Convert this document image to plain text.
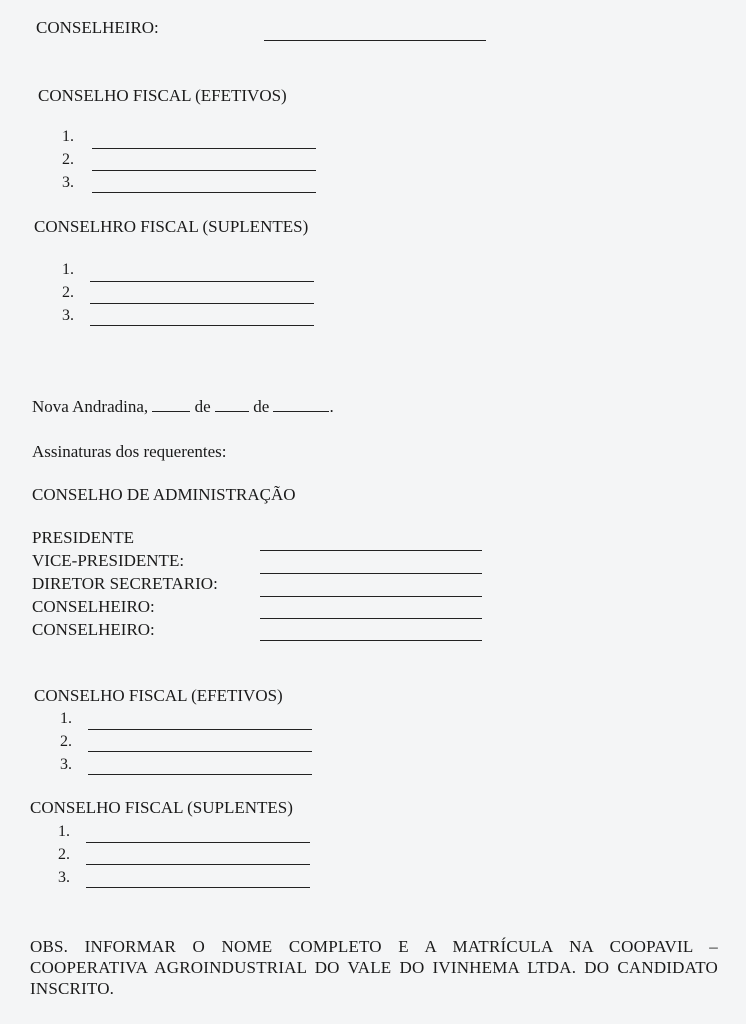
CONSELHEIRO:
CONSELHO FISCAL (EFETIVOS)
1.
2.
3.
CONSELHRO FISCAL (SUPLENTES)
1.
2.
3.
Nova Andradina,	de	de	.
Assinaturas dos requerentes:
CONSELHO DE ADMINISTRAÇÃO
PRESIDENTE
VICE-PRESIDENTE:
DIRETOR SECRETARIO:
CONSELHEIRO:
CONSELHEIRO:
CONSELHO FISCAL (EFETIVOS)
1.
2.
3.
CONSELHO FISCAL (SUPLENTES)
1.
2.
3.
OBS. INFORMAR O NOME COMPLETO E A MATRÍCULA NA COOPAVIL – COOPERATIVA AGROINDUSTRIAL DO VALE DO IVINHEMA LTDA. DO CANDIDATO INSCRITO.
